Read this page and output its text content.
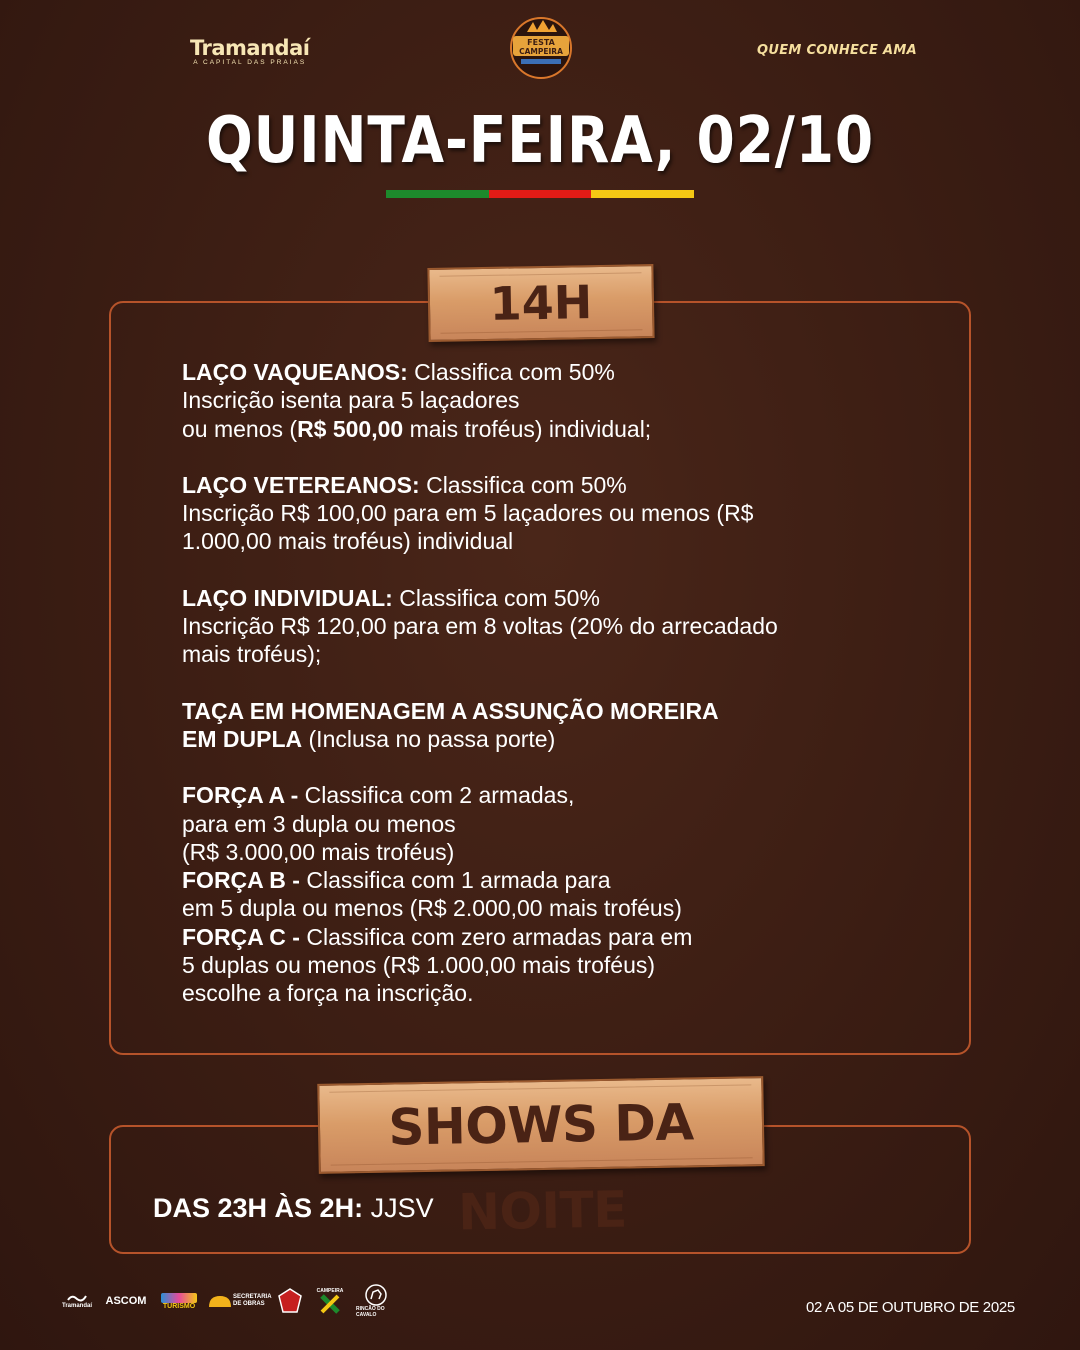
Tramandaí
A CAPITAL DAS PRAIAS
FESTA
CAMPEIRA	QUEM CONHECE AMA
QUINTA-FEIRA, 02/10
14H
LAÇO VAQUEANOS: Classifica com 50%
Inscrição isenta para 5 laçadores
ou menos (R$ 500,00 mais troféus) individual;
LAÇO VETEREANOS: Classifica com 50%
Inscrição R$ 100,00 para em 5 laçadores ou menos (R$
1.000,00 mais troféus) individual
LAÇO INDIVIDUAL: Classifica com 50%
Inscrição R$ 120,00 para em 8 voltas (20% do arrecadado
mais troféus);
TAÇA EM HOMENAGEM A ASSUNÇÃO MOREIRA
EM DUPLA (Inclusa no passa porte)
FORÇA A - Classifica com 2 armadas,
para em 3 dupla ou menos
(R$ 3.000,00 mais troféus)
FORÇA B - Classifica com 1 armada para
em 5 dupla ou menos (R$ 2.000,00 mais troféus)
FORÇA C - Classifica com zero armadas para em
5 duplas ou menos (R$ 1.000,00 mais troféus)
escolhe a força na inscrição.
SHOWS DA NOITE
DAS 23H ÀS 2H: JJSV
Tramandaí ASCOM TURISMO
SECRETARIA DE OBRAS
CAMPEIRA
RINCÃO DO CAVALO	02 A 05 DE OUTUBRO DE 2025
